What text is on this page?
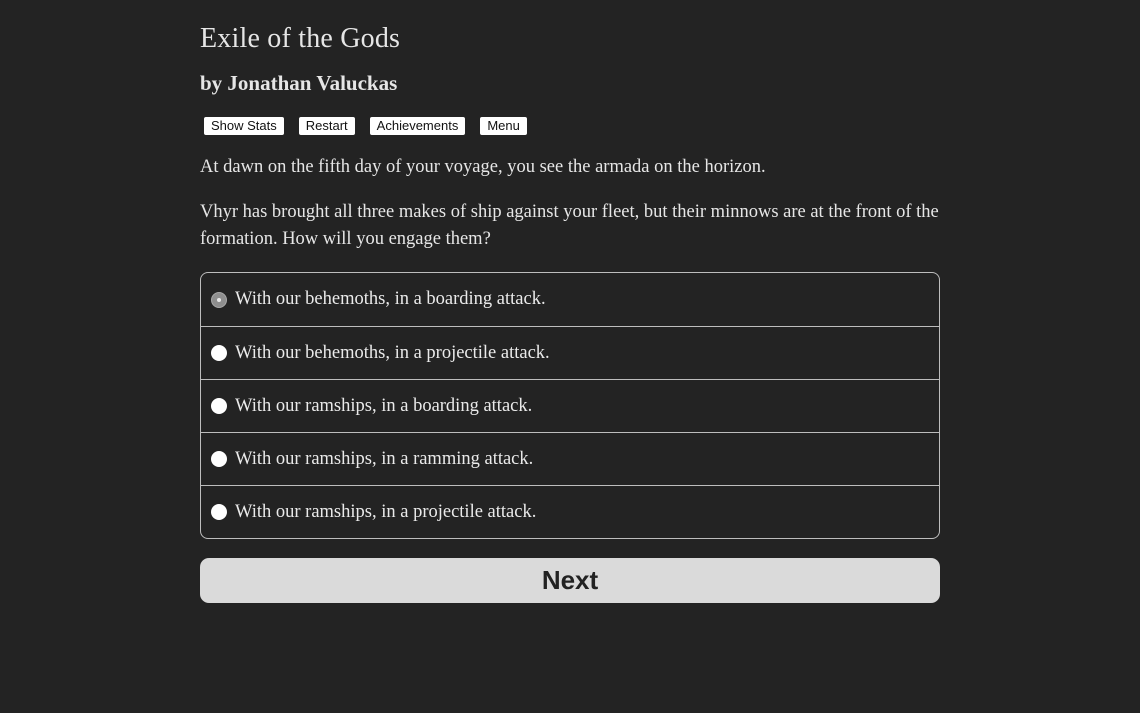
Exile of the Gods
by Jonathan Valuckas
Show Stats	Restart	Achievements	Menu

At dawn on the fifth day of your voyage, you see the armada on the horizon.

Vhyr has brought all three makes of ship against your fleet, but their minnows are at the front of the formation. How will you engage them?

With our behemoths, in a boarding attack.
With our behemoths, in a projectile attack.
With our ramships, in a boarding attack.
With our ramships, in a ramming attack.
With our ramships, in a projectile attack.
Next
